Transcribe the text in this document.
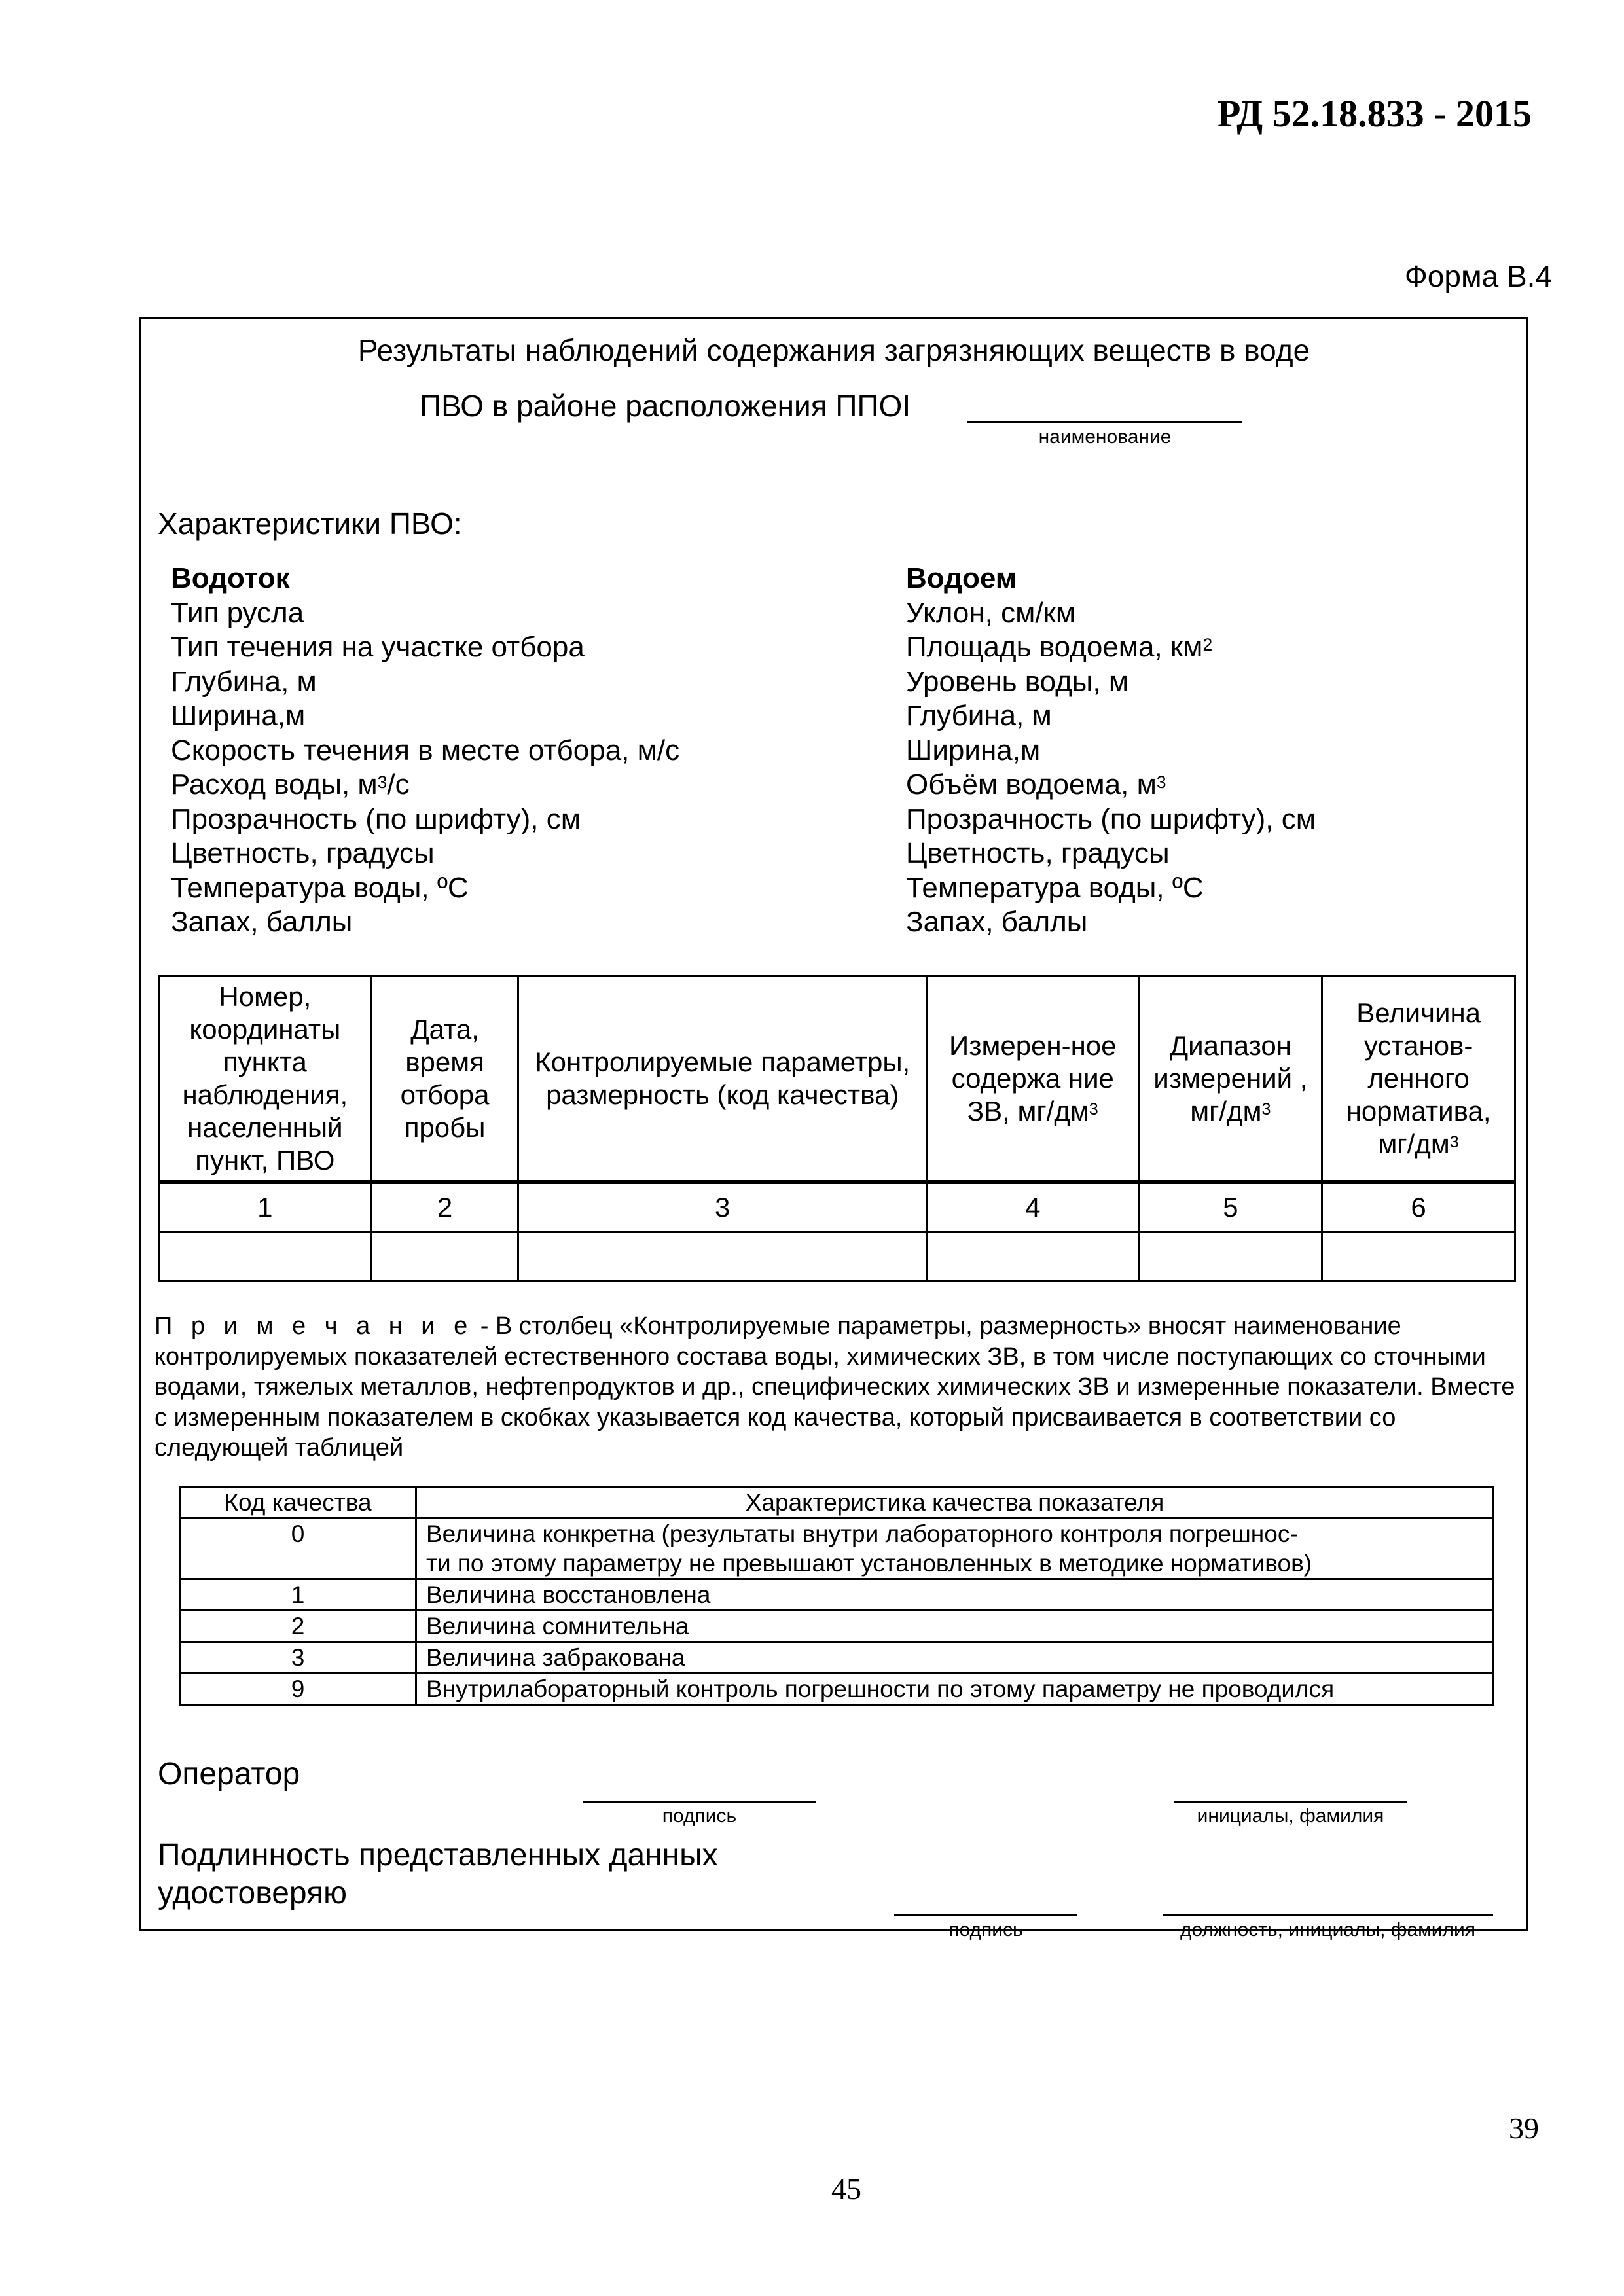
РД 52.18.833 - 2015
Форма В.4
Результаты наблюдений содержания загрязняющих веществ в воде
ПВО в районе расположения ППОI
наименование
Характеристики ПВО:
Водоток
Тип русла
Тип течения на участке отбора
Глубина, м
Ширина,м
Скорость течения в месте отбора, м/с
Расход воды, $м^3/с$
Прозрачность (по шрифту), см
Цветность, градусы
Температура воды, ºС
Запах, баллы
Водоем
Уклон, см/км
Площадь водоема, $км^2$
Уровень воды, м
Глубина, м
Ширина,м
Объём водоема, $м^3$
Прозрачность (по шрифту), см
Цветность, градусы
Температура воды, ºС
Запах, баллы
Номер, координаты пункта наблюдения, населенный пункт, ПВО	Дата, время отбора пробы	Контролируемые параметры, размерность (код качества)	Измерен-ное содержа ние ЗВ, $мг/дм^3$	Диапазон измерений , $мг/дм^3$	Величина установ-ленного норматива, $мг/дм^3$
1	2	3	4	5	6

П р и м е ч а н и е - В столбец «Контролируемые параметры, размерность» вносят наименование контролируемых показателей естественного состава воды, химических ЗВ, в том числе поступающих со сточными водами, тяжелых металлов, нефтепродуктов и др., специфических химических ЗВ и измеренные показатели. Вместе с измеренным показателем в скобках указывается код качества, который присваивается в соответствии со следующей таблицей
Код качества	Характеристика качества показателя
0	Величина конкретна (результаты внутри лабораторного контроля погрешнос-
ти по этому параметру не превышают установленных в методике нормативов)

1	Величина восстановлена
2	Величина сомнительна
3	Величина забракована
9	Внутрилабораторный контроль погрешности по этому параметру не проводился
Оператор
подпись	инициалы, фамилия
Подлинность представленных данных
удостоверяю
подпись	должность, инициалы, фамилия
39
45
